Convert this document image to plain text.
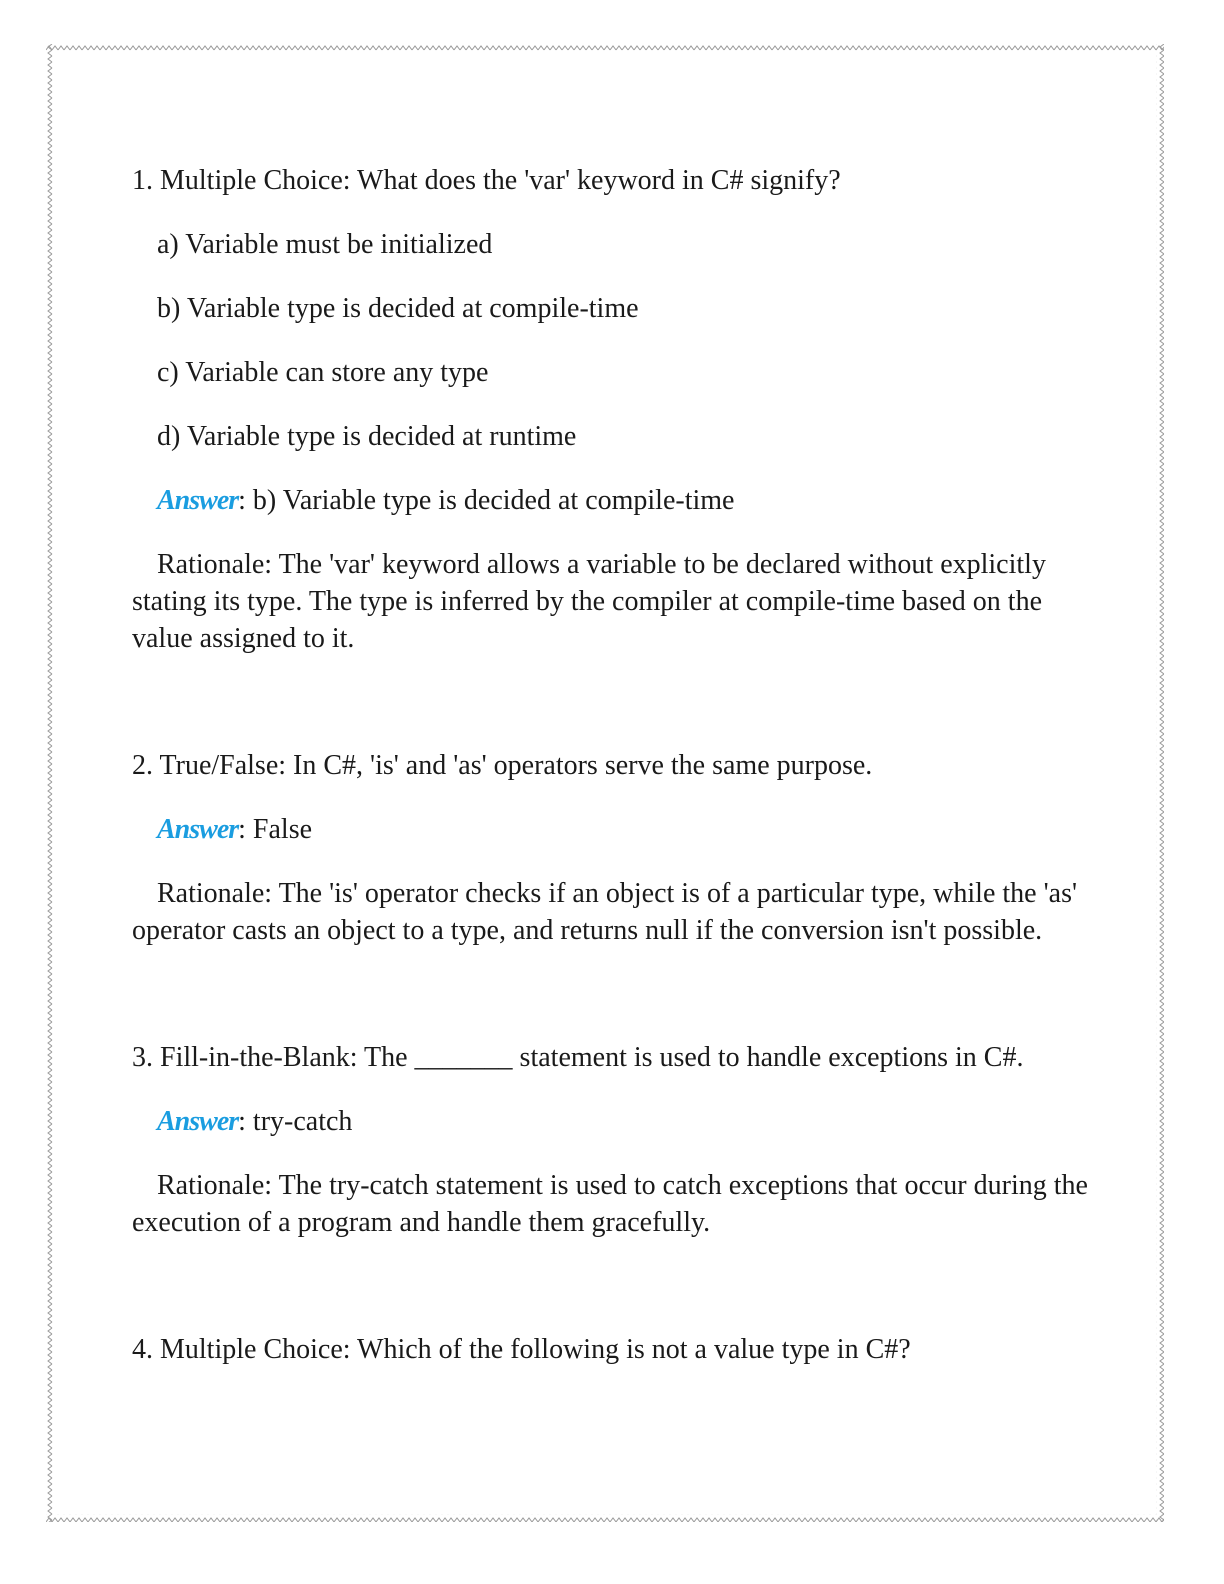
1. Multiple Choice: What does the 'var' keyword in C# signify?

a) Variable must be initialized

b) Variable type is decided at compile-time

c) Variable can store any type

d) Variable type is decided at runtime

Answer: b) Variable type is decided at compile-time

Rationale: The 'var' keyword allows a variable to be declared without explicitly stating its type. The type is inferred by the compiler at compile-time based on the value assigned to it.

2. True/False: In C#, 'is' and 'as' operators serve the same purpose.

Answer: False

Rationale: The 'is' operator checks if an object is of a particular type, while the 'as' operator casts an object to a type, and returns null if the conversion isn't possible.

3. Fill-in-the-Blank: The _______ statement is used to handle exceptions in C#.

Answer: try-catch

Rationale: The try-catch statement is used to catch exceptions that occur during the execution of a program and handle them gracefully.

4. Multiple Choice: Which of the following is not a value type in C#?
